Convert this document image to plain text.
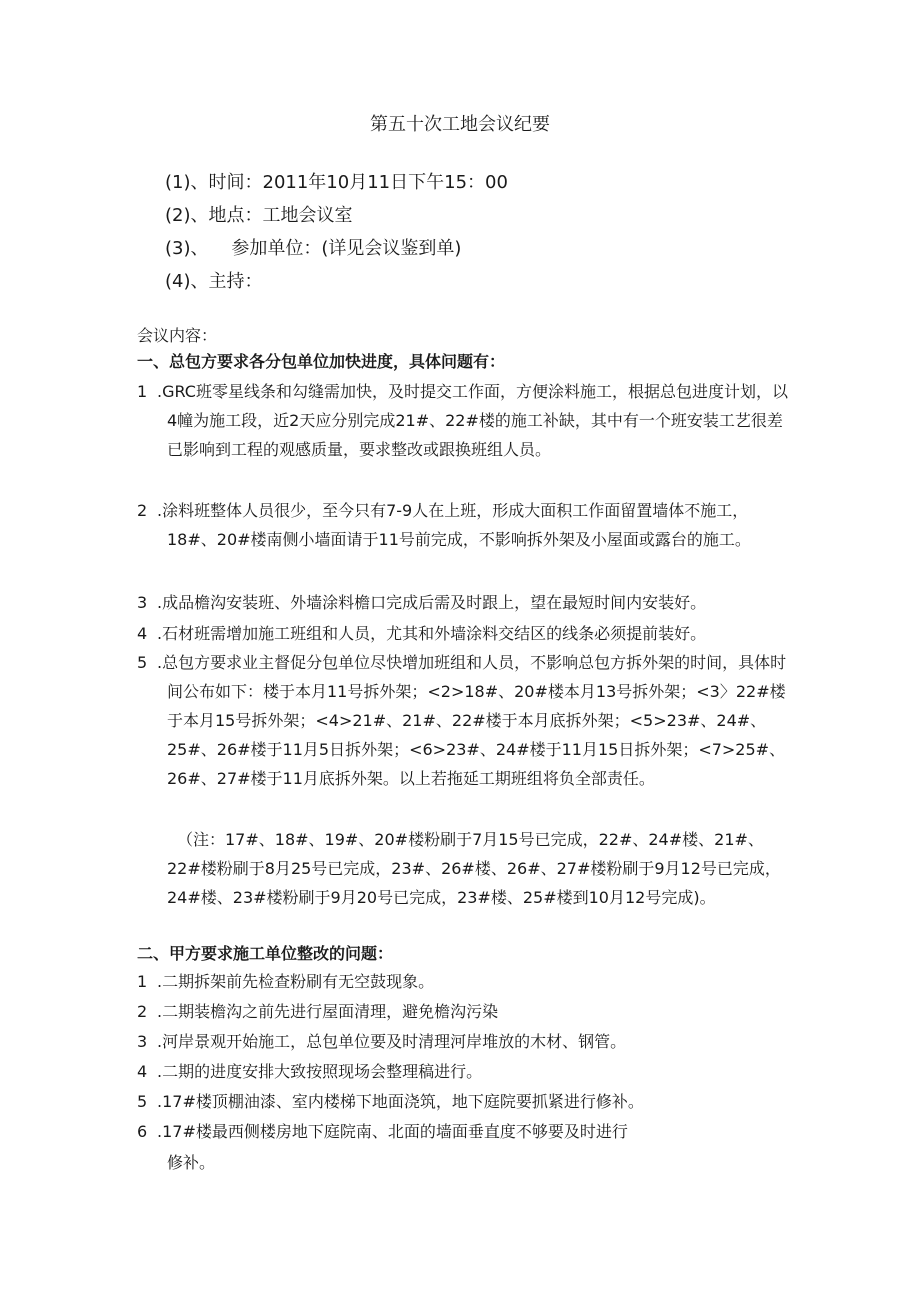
第五十次工地会议纪要
(1)、时间：2011年10月11日下午15：00
(2)、地点：工地会议室
(3)、    参加单位：(详见会议鉴到单)
(4)、主持：
会议内容：
一、总包方要求各分包单位加快进度，具体问题有：
1 .GRC班零星线条和勾缝需加快，及时提交工作面，方便涂料施工，根据总包进度计划，以4幢为施工段，近2天应分别完成21#、22#楼的施工补缺，其中有一个班安装工艺很差已影响到工程的观感质量，要求整改或跟换班组人员。
2 .涂料班整体人员很少，至今只有7-9人在上班，形成大面积工作面留置墙体不施工，18#、20#楼南侧小墙面请于11号前完成，不影响拆外架及小屋面或露台的施工。
3 .成品檐沟安装班、外墙涂料檐口完成后需及时跟上，望在最短时间内安装好。
4 .石材班需增加施工班组和人员，尤其和外墙涂料交结区的线条必须提前装好。
5 .总包方要求业主督促分包单位尽快增加班组和人员，不影响总包方拆外架的时间，具体时间公布如下：楼于本月11号拆外架；<2>18#、20#楼本月13号拆外架；<3〉22#楼于本月15号拆外架；<4>21#、21#、22#楼于本月底拆外架；<5>23#、24#、25#、26#楼于11月5日拆外架；<6>23#、24#楼于11月15日拆外架；<7>25#、26#、27#楼于11月底拆外架。以上若拖延工期班组将负全部责任。
（注：17#、18#、19#、20#楼粉刷于7月15号已完成，22#、24#楼、21#、22#楼粉刷于8月25号已完成，23#、26#楼、26#、27#楼粉刷于9月12号已完成，24#楼、23#楼粉刷于9月20号已完成，23#楼、25#楼到10月12号完成)。
二、甲方要求施工单位整改的问题：
1 .二期拆架前先检查粉刷有无空鼓现象。
2 .二期装檐沟之前先进行屋面清理，避免檐沟污染
3 .河岸景观开始施工，总包单位要及时清理河岸堆放的木材、钢管。
4 .二期的进度安排大致按照现场会整理稿进行。
5 .17#楼顶棚油漆、室内楼梯下地面浇筑，地下庭院要抓紧进行修补。
6 .17#楼最西侧楼房地下庭院南、北面的墙面垂直度不够要及时进行
修补。
